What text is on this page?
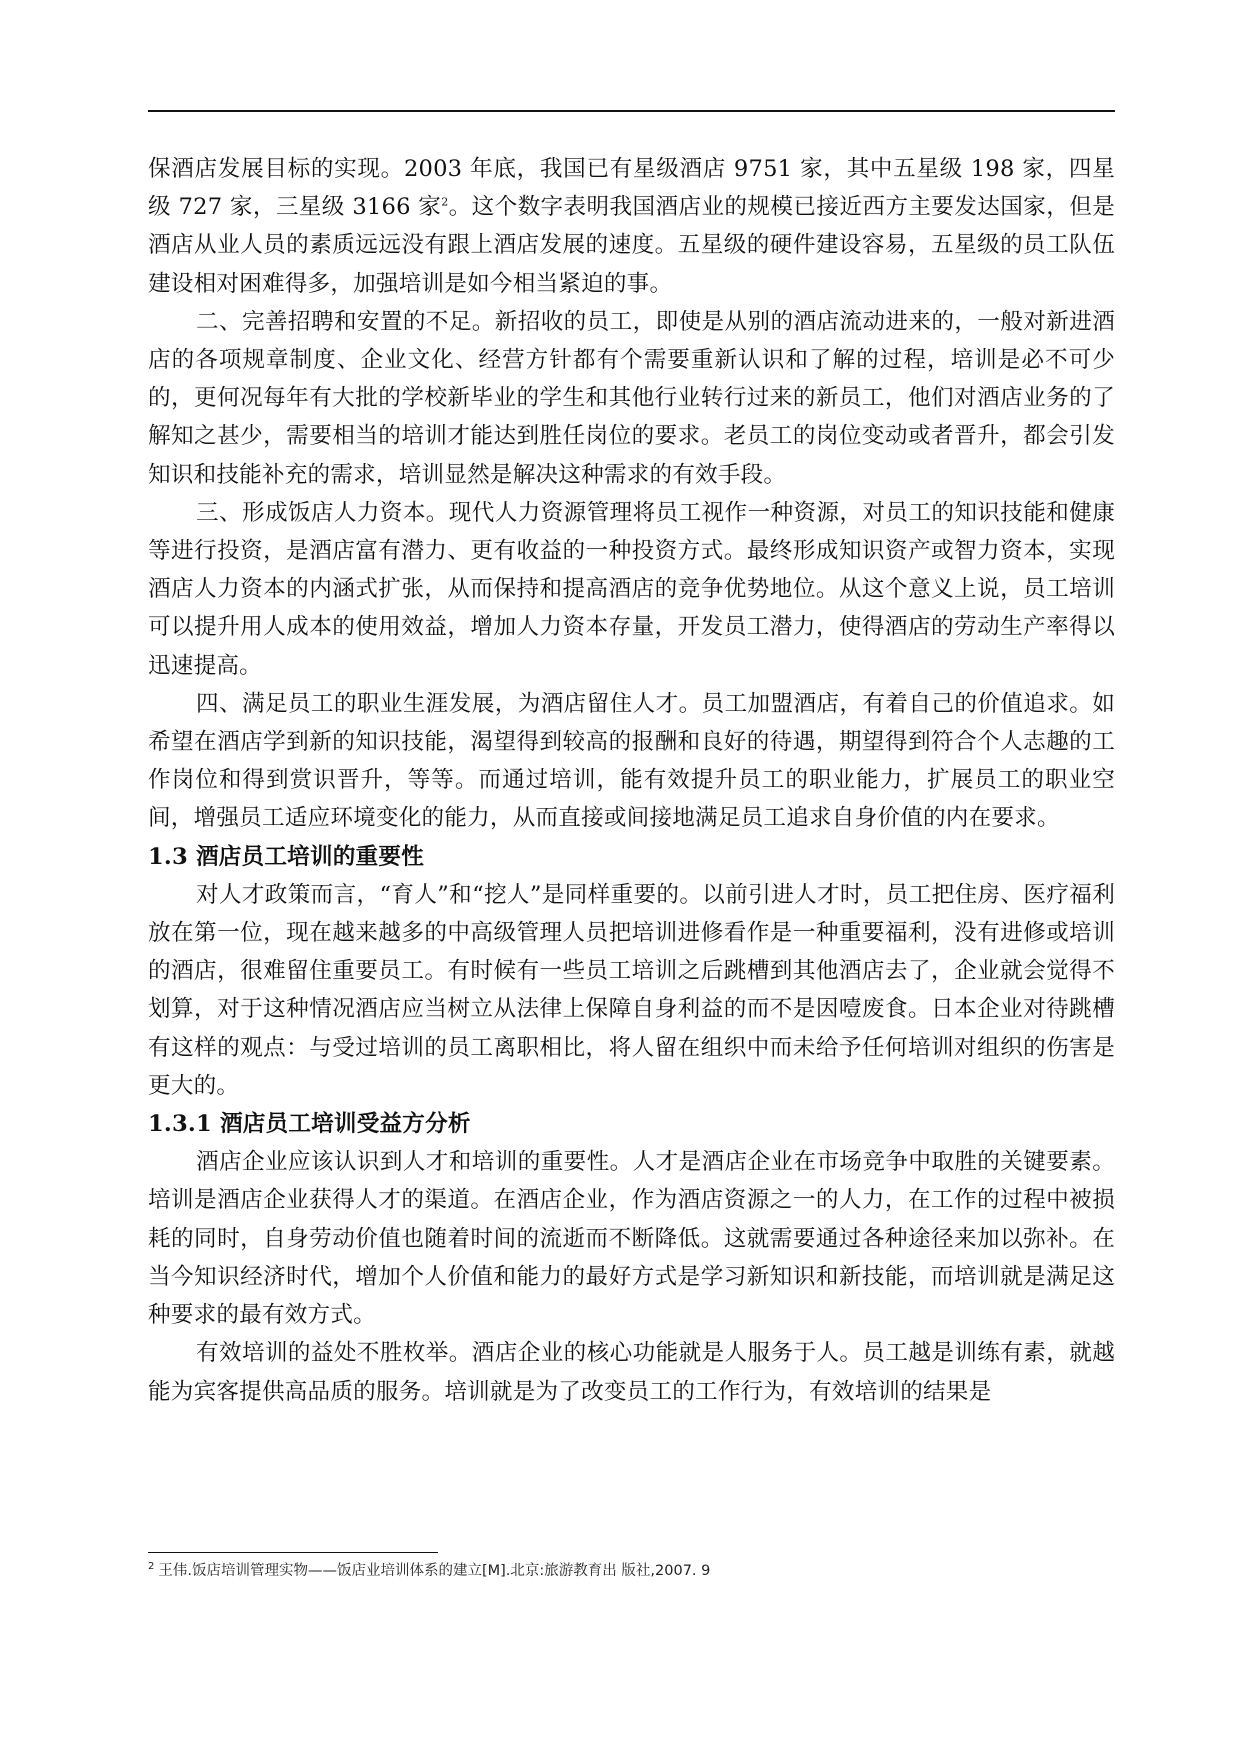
保酒店发展目标的实现。2003 年底，我国已有星级酒店 9751 家，其中五星级 198 家，四星级 727 家，三星级 3166 家$^2$。这个数字表明我国酒店业的规模已接近西方主要发达国家，但是酒店从业人员的素质远远没有跟上酒店发展的速度。五星级的硬件建设容易，五星级的员工队伍建设相对困难得多，加强培训是如今相当紧迫的事。

二、完善招聘和安置的不足。新招收的员工，即使是从别的酒店流动进来的，一般对新进酒店的各项规章制度、企业文化、经营方针都有个需要重新认识和了解的过程，培训是必不可少的，更何况每年有大批的学校新毕业的学生和其他行业转行过来的新员工，他们对酒店业务的了解知之甚少，需要相当的培训才能达到胜任岗位的要求。老员工的岗位变动或者晋升，都会引发知识和技能补充的需求，培训显然是解决这种需求的有效手段。

三、形成饭店人力资本。现代人力资源管理将员工视作一种资源，对员工的知识技能和健康等进行投资，是酒店富有潜力、更有收益的一种投资方式。最终形成知识资产或智力资本，实现酒店人力资本的内涵式扩张，从而保持和提高酒店的竞争优势地位。从这个意义上说，员工培训可以提升用人成本的使用效益，增加人力资本存量，开发员工潜力，使得酒店的劳动生产率得以迅速提高。

四、满足员工的职业生涯发展，为酒店留住人才。员工加盟酒店，有着自己的价值追求。如希望在酒店学到新的知识技能，渴望得到较高的报酬和良好的待遇，期望得到符合个人志趣的工作岗位和得到赏识晋升，等等。而通过培训，能有效提升员工的职业能力，扩展员工的职业空间，增强员工适应环境变化的能力，从而直接或间接地满足员工追求自身价值的内在要求。

1.3 酒店员工培训的重要性

对人才政策而言，“育人”和“挖人”是同样重要的。以前引进人才时，员工把住房、医疗福利放在第一位，现在越来越多的中高级管理人员把培训进修看作是一种重要福利，没有进修或培训的酒店，很难留住重要员工。有时候有一些员工培训之后跳槽到其他酒店去了，企业就会觉得不划算，对于这种情况酒店应当树立从法律上保障自身利益的而不是因噎废食。日本企业对待跳槽有这样的观点：与受过培训的员工离职相比，将人留在组织中而未给予任何培训对组织的伤害是更大的。

1.3.1 酒店员工培训受益方分析

酒店企业应该认识到人才和培训的重要性。人才是酒店企业在市场竞争中取胜的关键要素。培训是酒店企业获得人才的渠道。在酒店企业，作为酒店资源之一的人力，在工作的过程中被损耗的同时，自身劳动价值也随着时间的流逝而不断降低。这就需要通过各种途径来加以弥补。在当今知识经济时代，增加个人价值和能力的最好方式是学习新知识和新技能，而培训就是满足这种要求的最有效方式。

有效培训的益处不胜枚举。酒店企业的核心功能就是人服务于人。员工越是训练有素，就越能为宾客提供高品质的服务。培训就是为了改变员工的工作行为，有效培训的结果是

$^2$ 王伟.饭店培训管理实物——饭店业培训体系的建立[M].北京:旅游教育出 版社,2007. 9
